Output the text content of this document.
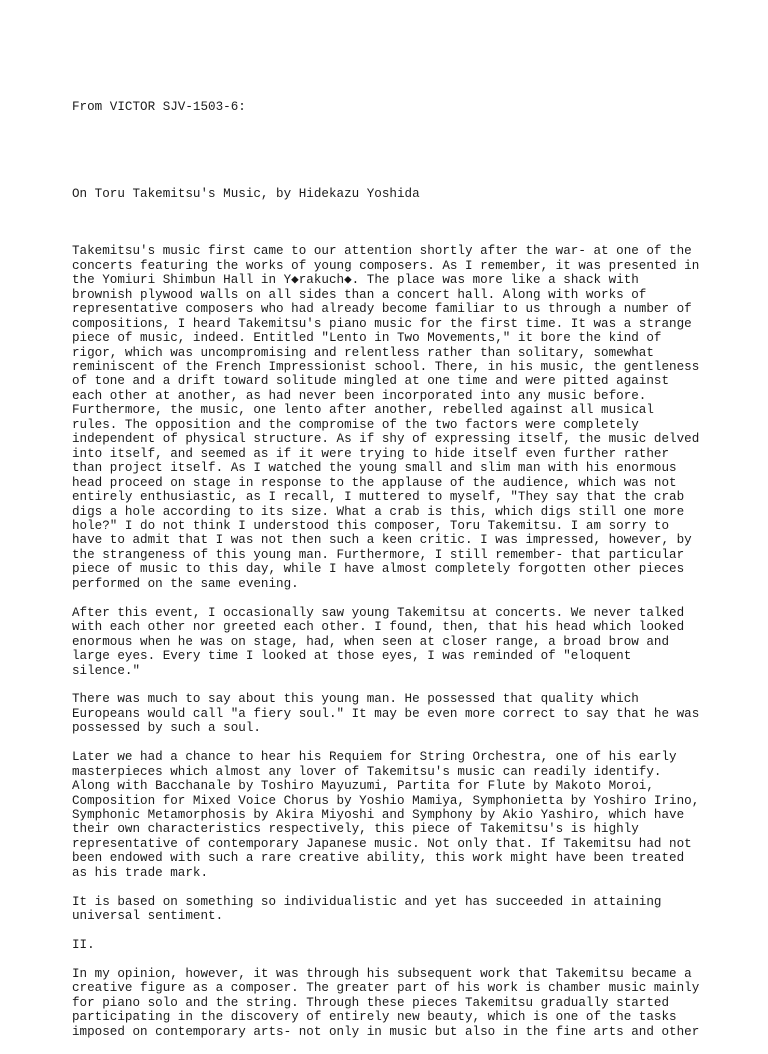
From VICTOR SJV-1503-6:

On Toru Takemitsu's Music, by Hidekazu Yoshida

Takemitsu's music first came to our attention shortly after the war- at one of the
concerts featuring the works of young composers. As I remember, it was presented in
the Yomiuri Shimbun Hall in Y◆rakuch◆. The place was more like a shack with
brownish plywood walls on all sides than a concert hall. Along with works of
representative composers who had already become familiar to us through a number of
compositions, I heard Takemitsu's piano music for the first time. It was a strange
piece of music, indeed. Entitled "Lento in Two Movements," it bore the kind of
rigor, which was uncompromising and relentless rather than solitary, somewhat
reminiscent of the French Impressionist school. There, in his music, the gentleness
of tone and a drift toward solitude mingled at one time and were pitted against
each other at another, as had never been incorporated into any music before.
Furthermore, the music, one lento after another, rebelled against all musical
rules. The opposition and the compromise of the two factors were completely
independent of physical structure. As if shy of expressing itself, the music delved
into itself, and seemed as if it were trying to hide itself even further rather
than project itself. As I watched the young small and slim man with his enormous
head proceed on stage in response to the applause of the audience, which was not
entirely enthusiastic, as I recall, I muttered to myself, "They say that the crab
digs a hole according to its size. What a crab is this, which digs still one more
hole?" I do not think I understood this composer, Toru Takemitsu. I am sorry to
have to admit that I was not then such a keen critic. I was impressed, however, by
the strangeness of this young man. Furthermore, I still remember- that particular
piece of music to this day, while I have almost completely forgotten other pieces
performed on the same evening.

After this event, I occasionally saw young Takemitsu at concerts. We never talked
with each other nor greeted each other. I found, then, that his head which looked
enormous when he was on stage, had, when seen at closer range, a broad brow and
large eyes. Every time I looked at those eyes, I was reminded of "eloquent
silence."

There was much to say about this young man. He possessed that quality which
Europeans would call "a fiery soul." It may be even more correct to say that he was
possessed by such a soul.

Later we had a chance to hear his Requiem for String Orchestra, one of his early
masterpieces which almost any lover of Takemitsu's music can readily identify.
Along with Bacchanale by Toshiro Mayuzumi, Partita for Flute by Makoto Moroi,
Composition for Mixed Voice Chorus by Yoshio Mamiya, Symphonietta by Yoshiro Irino,
Symphonic Metamorphosis by Akira Miyoshi and Symphony by Akio Yashiro, which have
their own characteristics respectively, this piece of Takemitsu's is highly
representative of contemporary Japanese music. Not only that. If Takemitsu had not
been endowed with such a rare creative ability, this work might have been treated
as his trade mark.

It is based on something so individualistic and yet has succeeded in attaining
universal sentiment.

II.

In my opinion, however, it was through his subsequent work that Takemitsu became a
creative figure as a composer. The greater part of his work is chamber music mainly
for piano solo and the string. Through these pieces Takemitsu gradually started
participating in the discovery of entirely new beauty, which is one of the tasks
imposed on contemporary arts- not only in music but also in the fine arts and other
